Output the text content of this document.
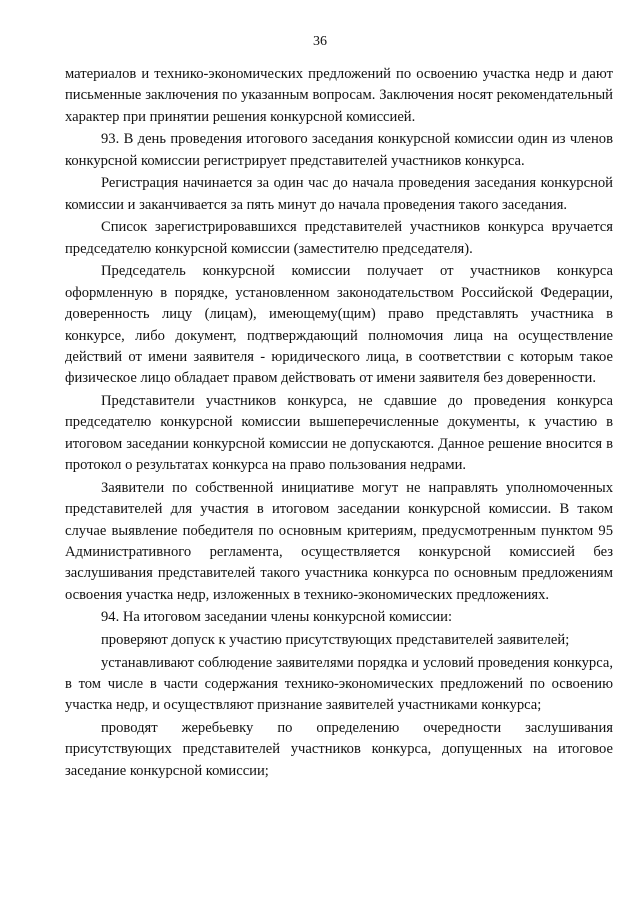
36

материалов и технико-экономических предложений по освоению участка недр и дают письменные заключения по указанным вопросам. Заключения носят рекомендательный характер при принятии решения конкурсной комиссией.

93. В день проведения итогового заседания конкурсной комиссии один из членов конкурсной комиссии регистрирует представителей участников конкурса.

Регистрация начинается за один час до начала проведения заседания конкурсной комиссии и заканчивается за пять минут до начала проведения такого заседания.

Список зарегистрировавшихся представителей участников конкурса вручается председателю конкурсной комиссии (заместителю председателя).

Председатель конкурсной комиссии получает от участников конкурса оформленную в порядке, установленном законодательством Российской Федерации, доверенность лицу (лицам), имеющему(щим) право представлять участника в конкурсе, либо документ, подтверждающий полномочия лица на осуществление действий от имени заявителя - юридического лица, в соответствии с которым такое физическое лицо обладает правом действовать от имени заявителя без доверенности.

Представители участников конкурса, не сдавшие до проведения конкурса председателю конкурсной комиссии вышеперечисленные документы, к участию в итоговом заседании конкурсной комиссии не допускаются. Данное решение вносится в протокол о результатах конкурса на право пользования недрами.

Заявители по собственной инициативе могут не направлять уполномоченных представителей для участия в итоговом заседании конкурсной комиссии. В таком случае выявление победителя по основным критериям, предусмотренным пунктом 95 Административного регламента, осуществляется конкурсной комиссией без заслушивания представителей такого участника конкурса по основным предложениям освоения участка недр, изложенных в технико-экономических предложениях.

94. На итоговом заседании члены конкурсной комиссии:

проверяют допуск к участию присутствующих представителей заявителей;

устанавливают соблюдение заявителями порядка и условий проведения конкурса, в том числе в части содержания технико-экономических предложений по освоению участка недр, и осуществляют признание заявителей участниками конкурса;

проводят жеребьевку по определению очередности заслушивания присутствующих представителей участников конкурса, допущенных на итоговое заседание конкурсной комиссии;
